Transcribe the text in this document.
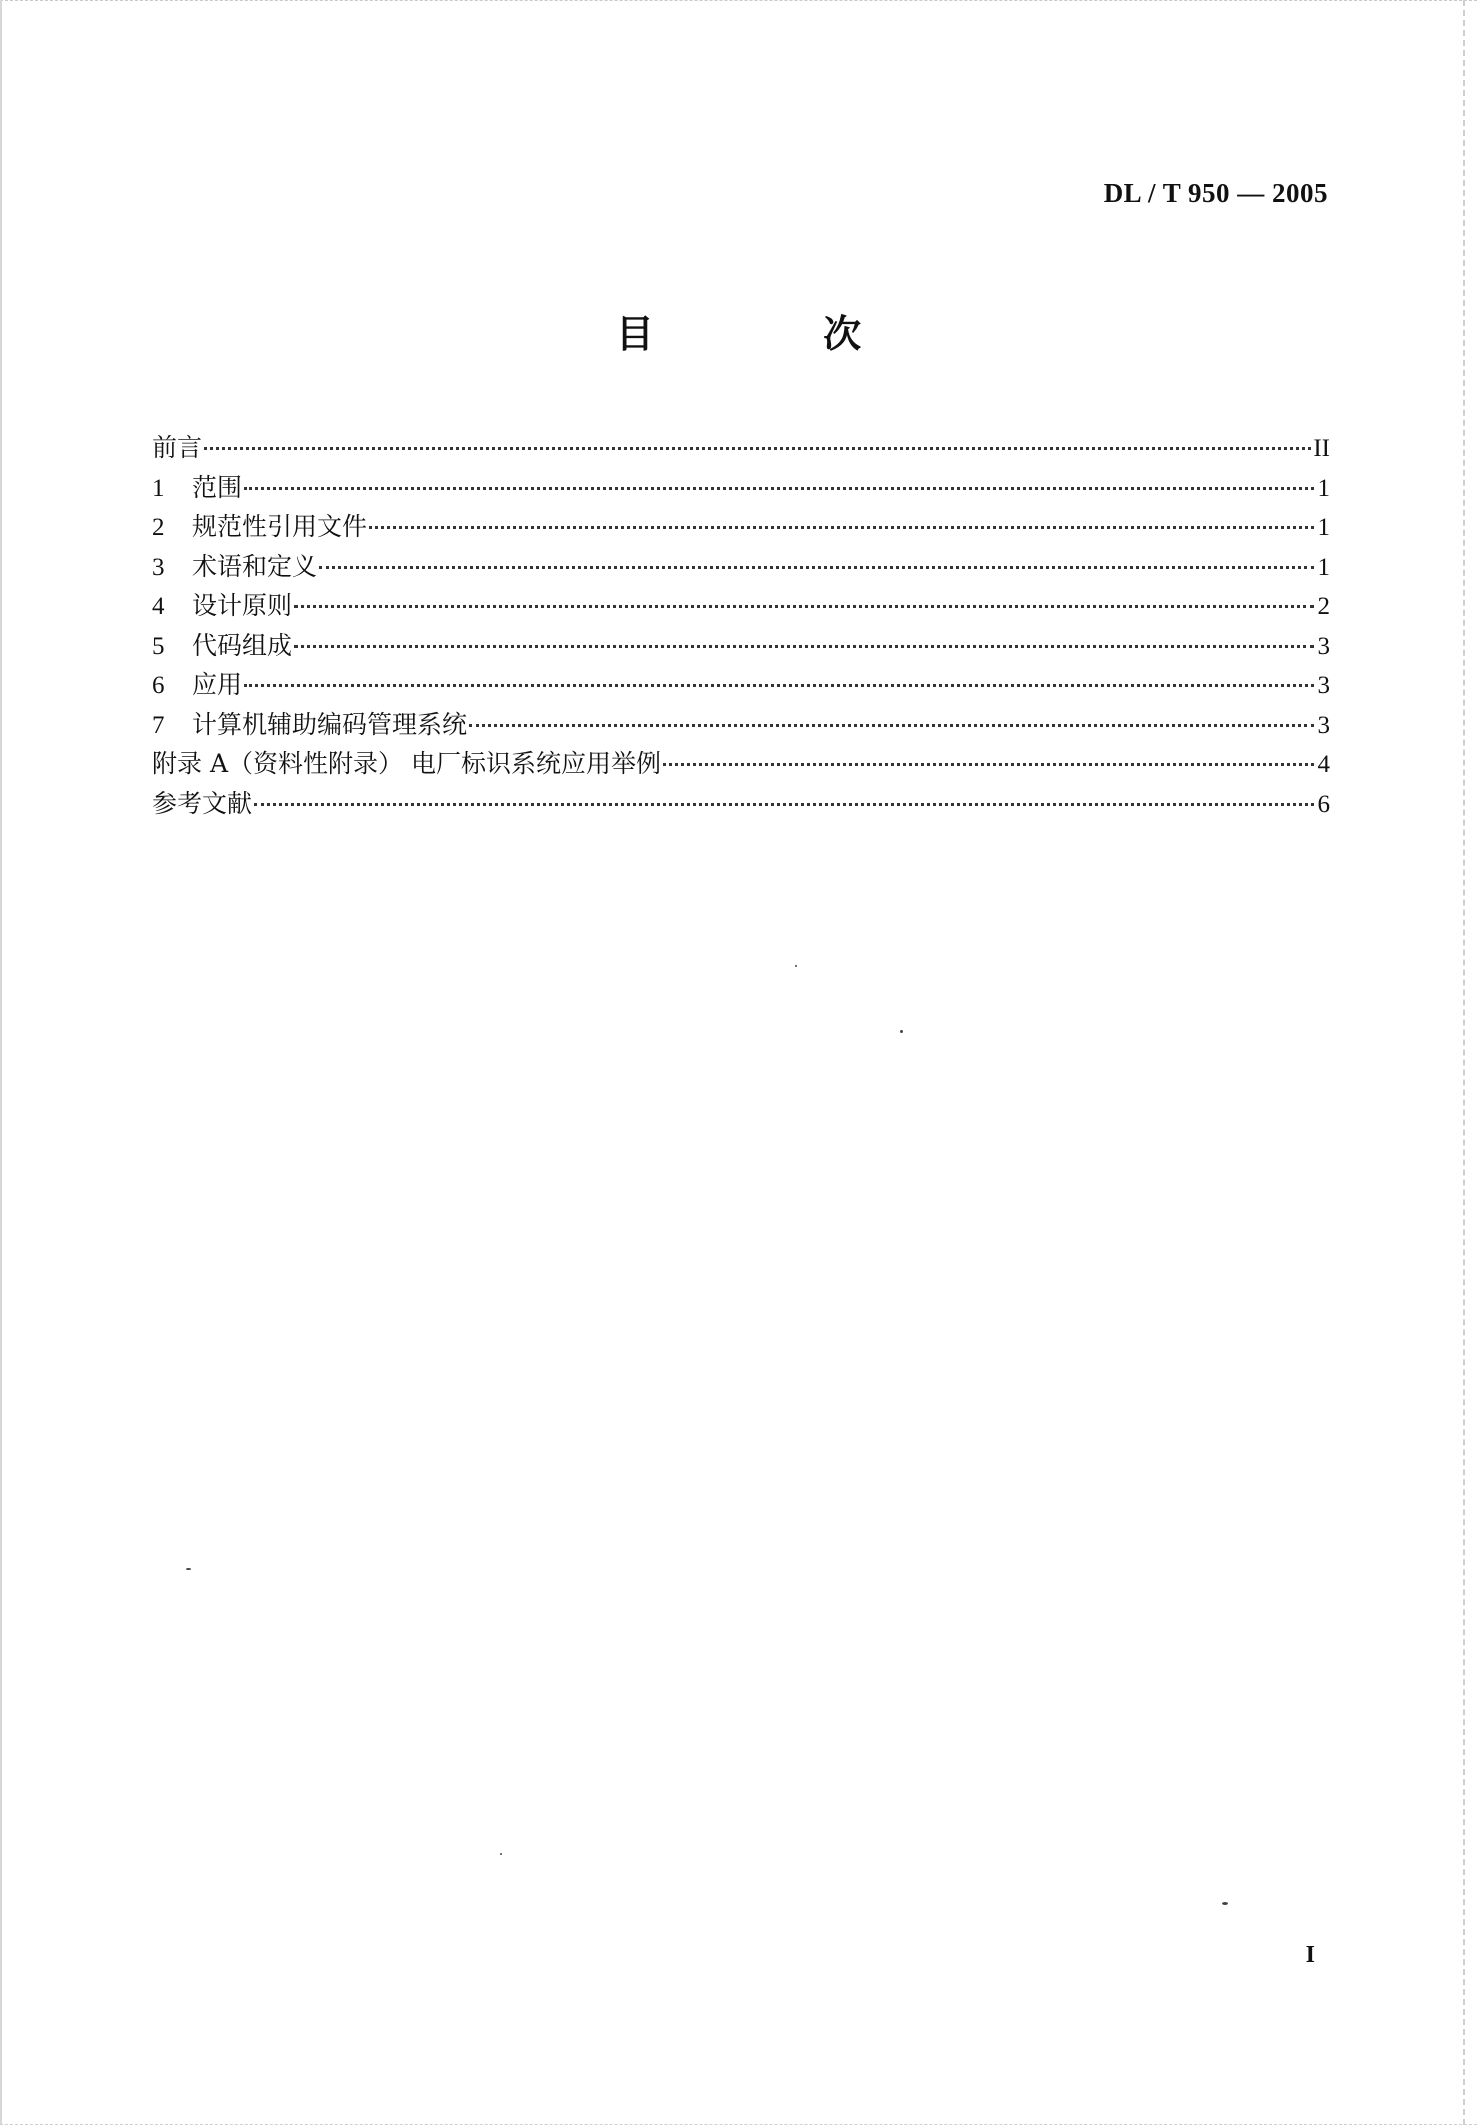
DL / T 950 — 2005
目 次
前言	II
1	范围	1
2	规范性引用文件	1
3	术语和定义	1
4	设计原则	2
5	代码组成	3
6	应用	3
7	计算机辅助编码管理系统	3
附录 A（资料性附录） 电厂标识系统应用举例	4
参考文献	6
I
